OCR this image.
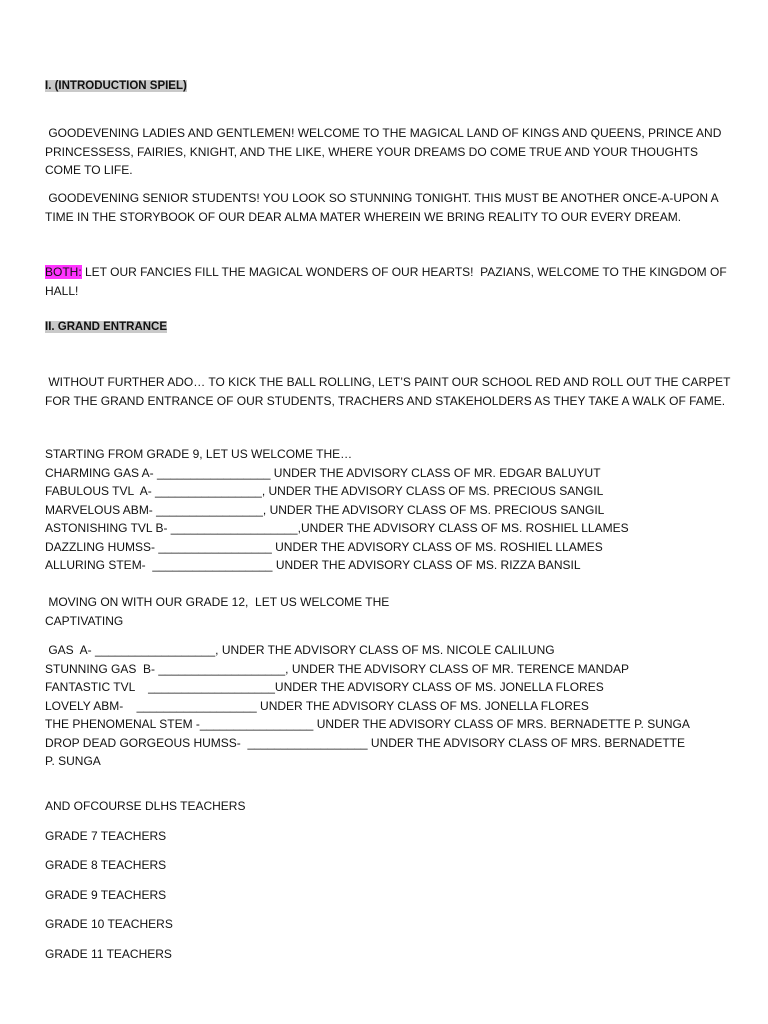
I. (INTRODUCTION SPIEL)
GOODEVENING LADIES AND GENTLEMEN! WELCOME TO THE MAGICAL LAND OF KINGS AND QUEENS, PRINCE AND PRINCESSESS, FAIRIES, KNIGHT, AND THE LIKE, WHERE YOUR DREAMS DO COME TRUE AND YOUR THOUGHTS COME TO LIFE.
GOODEVENING SENIOR STUDENTS! YOU LOOK SO STUNNING TONIGHT. THIS MUST BE ANOTHER ONCE-A-UPON A TIME IN THE STORYBOOK OF OUR DEAR ALMA MATER WHEREIN WE BRING REALITY TO OUR EVERY DREAM.
BOTH: LET OUR FANCIES FILL THE MAGICAL WONDERS OF OUR HEARTS!  PAZIANS, WELCOME TO THE KINGDOM OF HALL!
II. GRAND ENTRANCE
WITHOUT FURTHER ADO… TO KICK THE BALL ROLLING, LET’S PAINT OUR SCHOOL RED AND ROLL OUT THE CARPET FOR THE GRAND ENTRANCE OF OUR STUDENTS, TRACHERS AND STAKEHOLDERS AS THEY TAKE A WALK OF FAME.
STARTING FROM GRADE 9, LET US WELCOME THE…
CHARMING GAS A- _________________ UNDER THE ADVISORY CLASS OF MR. EDGAR BALUYUT
FABULOUS TVL  A- ________________, UNDER THE ADVISORY CLASS OF MS. PRECIOUS SANGIL
MARVELOUS ABM- ________________, UNDER THE ADVISORY CLASS OF MS. PRECIOUS SANGIL
ASTONISHING TVL B- ___________________,UNDER THE ADVISORY CLASS OF MS. ROSHIEL LLAMES
DAZZLING HUMSS- _________________ UNDER THE ADVISORY CLASS OF MS. ROSHIEL LLAMES
ALLURING STEM-  __________________ UNDER THE ADVISORY CLASS OF MS. RIZZA BANSIL
MOVING ON WITH OUR GRADE 12,  LET US WELCOME THE
CAPTIVATING
GAS  A- __________________, UNDER THE ADVISORY CLASS OF MS. NICOLE CALILUNG
STUNNING GAS  B- ___________________, UNDER THE ADVISORY CLASS OF MR. TERENCE MANDAP
FANTASTIC TVL    ___________________UNDER THE ADVISORY CLASS OF MS. JONELLA FLORES
LOVELY ABM-    __________________ UNDER THE ADVISORY CLASS OF MS. JONELLA FLORES
THE PHENOMENAL STEM -_________________ UNDER THE ADVISORY CLASS OF MRS. BERNADETTE P. SUNGA
DROP DEAD GORGEOUS HUMSS-  __________________ UNDER THE ADVISORY CLASS OF MRS. BERNADETTE
P. SUNGA
AND OFCOURSE DLHS TEACHERS
GRADE 7 TEACHERS
GRADE 8 TEACHERS
GRADE 9 TEACHERS
GRADE 10 TEACHERS
GRADE 11 TEACHERS
